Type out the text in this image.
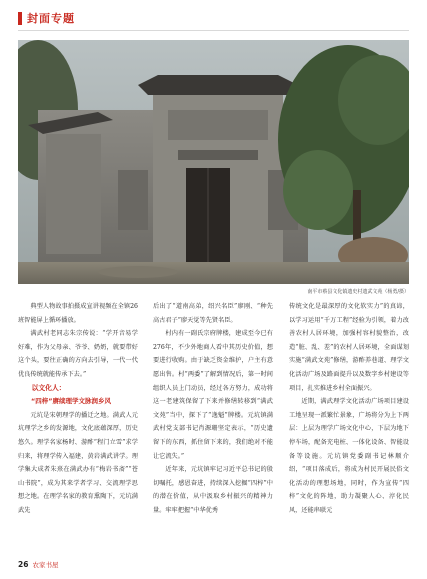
封面专题
南平市蔡县文化镇遗史村遗武文苑（杨勇/摄）

典型人物故事拍摄成宣讲视频在全镇26班智能屏上循环播放。

满武村老同志朱宗传说：“学开音易学好难，作为父母亲、爷爷、奶奶，就要带好这个头，要往正确的方向去引导，一代一代优良传统就能传承下去。”

以文化人：

“四梓”赓续理学文脉润乡风

元坑是宋朝理学的播迁之地。满武人元坑理学之乡的发源地，文化底蕴深厚，历史悠久。理学名家杨时、游酢“程门立雪”求学归来，将理学传入福建，黄岩满武讲学。理学集大成者朱熹在满武办有“梅岩书斋”“苍山书院”，成为其来学者学习、交流理学思想之地。在理学名家的教育熏陶下，元坑满武先

后出了“道南高弟，绍兴名臣”廖刚、“种先高古君子”廖天觉等先贤名臣。

村内有一副氏宗府牌楼，建成至今已有276年，不少外地商人看中其历史价值，想要进行收购。由于缺乏资金维护，户主有意愿出售。村“两委”了解到情况后，第一时间组织人员上门动员，经过各方努力，成功将这一老建筑保留了下来并修缮转移到“满武文苑”当中，探下了“逸魁”牌楼。元坑镇满武村党支部书记肖源珊坚定表示，“历史遗留下的东西，抓住留下来的，我们绝对不能让它流失。”

近年来，元坑镇牢记习近平总书记的殷切嘱托，感恩奋进，持续深入挖掘“四梓”中的潜在价值，从中汲取乡村振兴的精神力量。牢牢把握“中华优秀

传统文化是最深厚的文化软实力”的真谛，以学习运用“千万工程”经验为引领，着力改善农村人居环境，加强村容村貌整治，改造“脏、乱、差”的农村人居环境，全面谋划实施“满武文苑”修缮，游酢养巷道、理学文化活动广场及路面提升以及数字乡村建设等项目，扎实推进乡村全面振兴。

近期，满武理学文化活动广场项目建设工地呈现一派繁忙景象，广场将分为上下两层：上层为理学广场文化中心，下层为地下停车场，配备充电桩、一体化设备、智能设备等设施。元坑镇党委副书记林顺介绍，“项目落成后，将成为村民开展民俗文化活动的理想场地，同时，作为宣传“四梓”文化的阵地，助力凝聚人心、淳化民风，还能串联元

26 农家书屋
